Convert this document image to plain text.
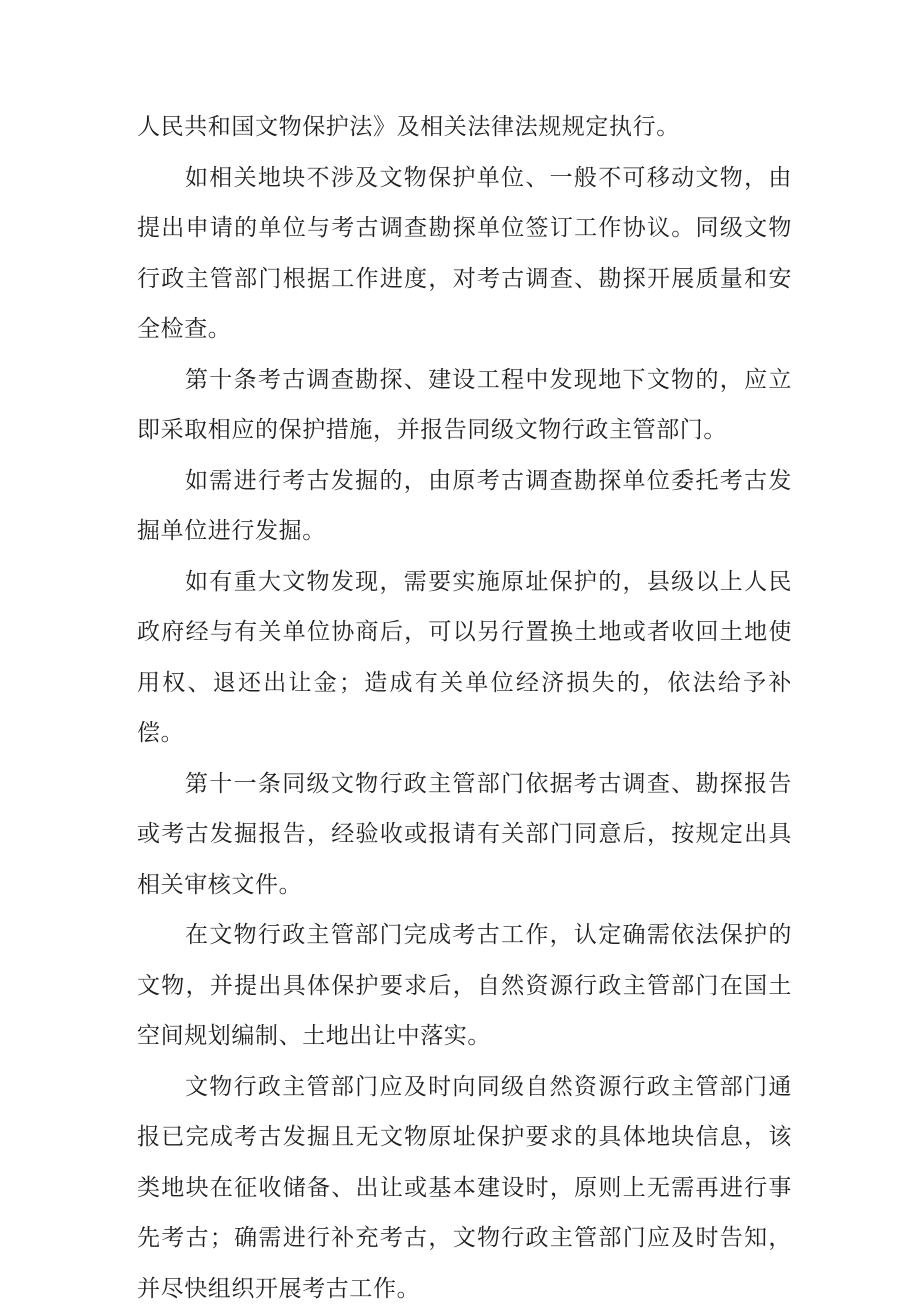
人民共和国文物保护法》及相关法律法规规定执行。

如相关地块不涉及文物保护单位、一般不可移动文物，由提出申请的单位与考古调查勘探单位签订工作协议。同级文物行政主管部门根据工作进度，对考古调查、勘探开展质量和安全检查。

第十条考古调查勘探、建设工程中发现地下文物的，应立即采取相应的保护措施，并报告同级文物行政主管部门。

如需进行考古发掘的，由原考古调查勘探单位委托考古发掘单位进行发掘。

如有重大文物发现，需要实施原址保护的，县级以上人民政府经与有关单位协商后，可以另行置换土地或者收回土地使用权、退还出让金；造成有关单位经济损失的，依法给予补偿。

第十一条同级文物行政主管部门依据考古调查、勘探报告或考古发掘报告，经验收或报请有关部门同意后，按规定出具相关审核文件。

在文物行政主管部门完成考古工作，认定确需依法保护的文物，并提出具体保护要求后，自然资源行政主管部门在国土空间规划编制、土地出让中落实。

文物行政主管部门应及时向同级自然资源行政主管部门通报已完成考古发掘且无文物原址保护要求的具体地块信息，该类地块在征收储备、出让或基本建设时，原则上无需再进行事先考古；确需进行补充考古，文物行政主管部门应及时告知，并尽快组织开展考古工作。
